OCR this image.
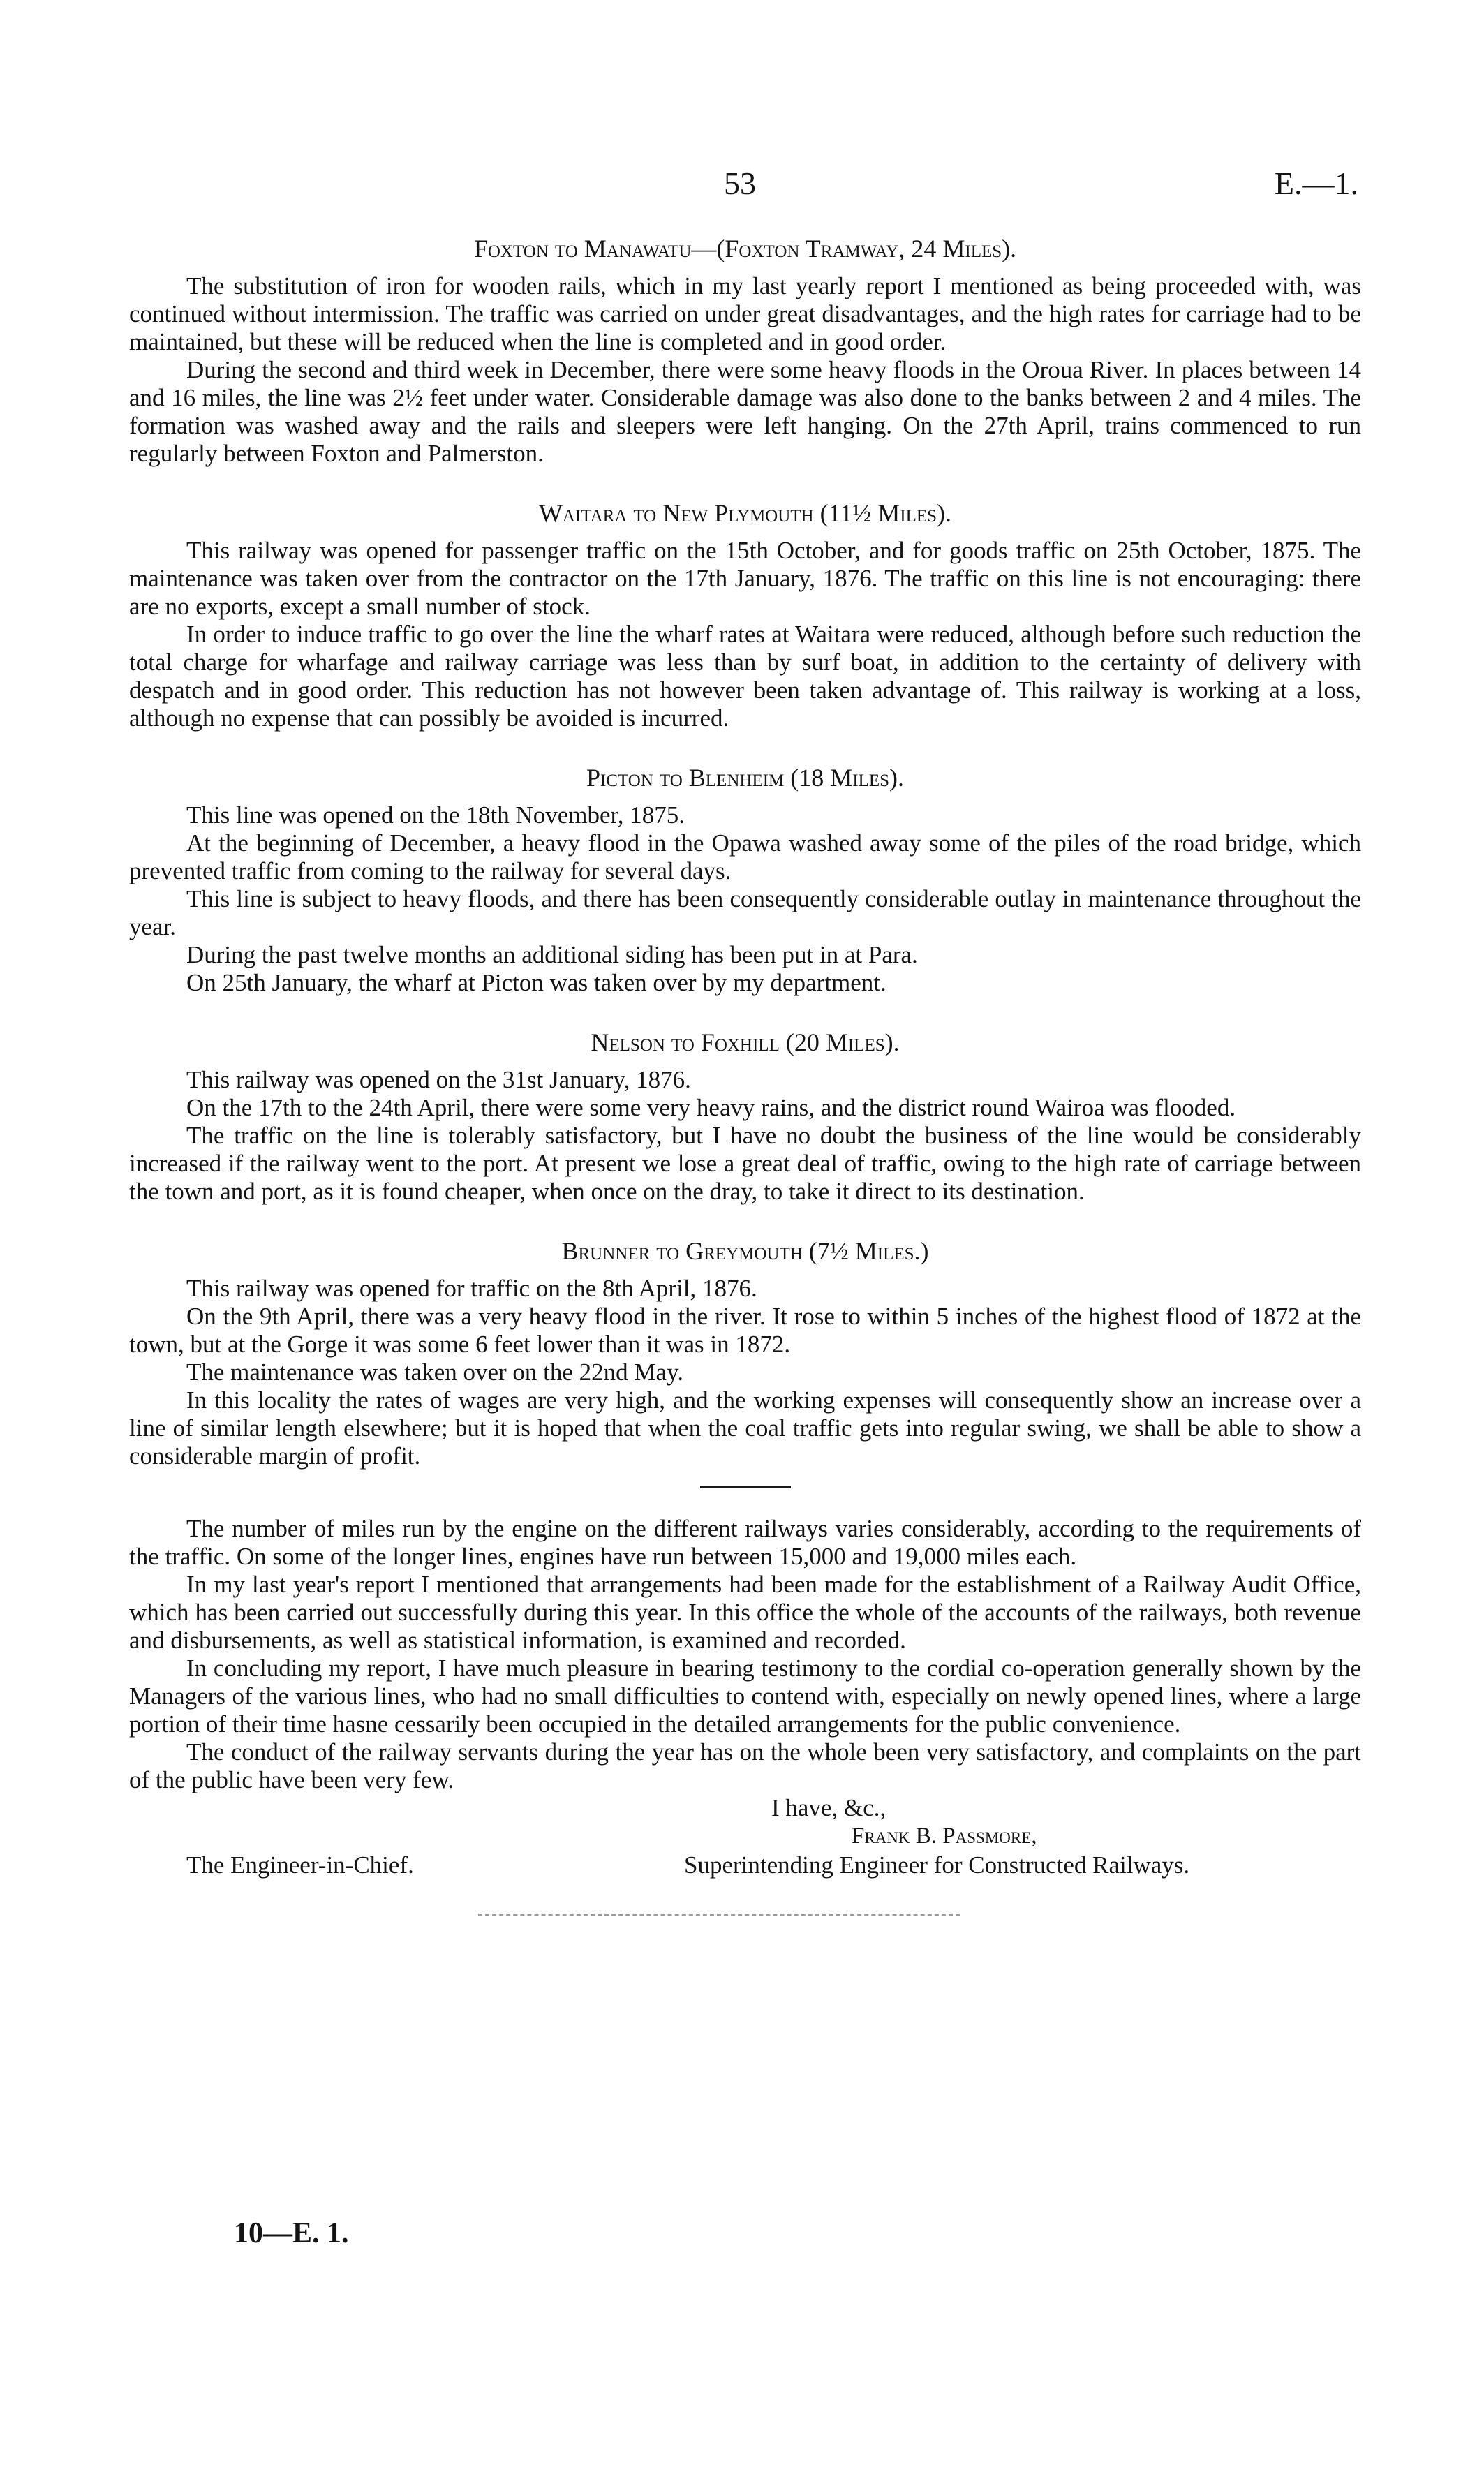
53	E.—1.
Foxton to Manawatu—(Foxton Tramway, 24 Miles).

The substitution of iron for wooden rails, which in my last yearly report I mentioned as being proceeded with, was continued without intermission. The traffic was carried on under great disadvantages, and the high rates for carriage had to be maintained, but these will be reduced when the line is completed and in good order.

During the second and third week in December, there were some heavy floods in the Oroua River. In places between 14 and 16 miles, the line was 2½ feet under water. Considerable damage was also done to the banks between 2 and 4 miles. The formation was washed away and the rails and sleepers were left hanging. On the 27th April, trains commenced to run regularly between Foxton and Palmerston.

Waitara to New Plymouth (11½ Miles).

This railway was opened for passenger traffic on the 15th October, and for goods traffic on 25th October, 1875. The maintenance was taken over from the contractor on the 17th January, 1876. The traffic on this line is not encouraging: there are no exports, except a small number of stock.

In order to induce traffic to go over the line the wharf rates at Waitara were reduced, although before such reduction the total charge for wharfage and railway carriage was less than by surf boat, in addition to the certainty of delivery with despatch and in good order. This reduction has not however been taken advantage of. This railway is working at a loss, although no expense that can possibly be avoided is incurred.

Picton to Blenheim (18 Miles).

This line was opened on the 18th November, 1875.

At the beginning of December, a heavy flood in the Opawa washed away some of the piles of the road bridge, which prevented traffic from coming to the railway for several days.

This line is subject to heavy floods, and there has been consequently considerable outlay in maintenance throughout the year.

During the past twelve months an additional siding has been put in at Para.

On 25th January, the wharf at Picton was taken over by my department.

Nelson to Foxhill (20 Miles).

This railway was opened on the 31st January, 1876.

On the 17th to the 24th April, there were some very heavy rains, and the district round Wairoa was flooded.

The traffic on the line is tolerably satisfactory, but I have no doubt the business of the line would be considerably increased if the railway went to the port. At present we lose a great deal of traffic, owing to the high rate of carriage between the town and port, as it is found cheaper, when once on the dray, to take it direct to its destination.

Brunner to Greymouth (7½ Miles.)

This railway was opened for traffic on the 8th April, 1876.

On the 9th April, there was a very heavy flood in the river. It rose to within 5 inches of the highest flood of 1872 at the town, but at the Gorge it was some 6 feet lower than it was in 1872.

The maintenance was taken over on the 22nd May.

In this locality the rates of wages are very high, and the working expenses will consequently show an increase over a line of similar length elsewhere; but it is hoped that when the coal traffic gets into regular swing, we shall be able to show a considerable margin of profit.

The number of miles run by the engine on the different railways varies considerably, according to the requirements of the traffic. On some of the longer lines, engines have run between 15,000 and 19,000 miles each.

In my last year's report I mentioned that arrangements had been made for the establishment of a Railway Audit Office, which has been carried out successfully during this year. In this office the whole of the accounts of the railways, both revenue and disbursements, as well as statistical information, is examined and recorded.

In concluding my report, I have much pleasure in bearing testimony to the cordial co-operation generally shown by the Managers of the various lines, who had no small difficulties to contend with, especially on newly opened lines, where a large portion of their time hasne cessarily been occupied in the detailed arrangements for the public convenience.

The conduct of the railway servants during the year has on the whole been very satisfactory, and complaints on the part of the public have been very few.

I have, &c.,
Frank B. Passmore,
The Engineer-in-Chief.	Superintending Engineer for Constructed Railways.
10—E. 1.
